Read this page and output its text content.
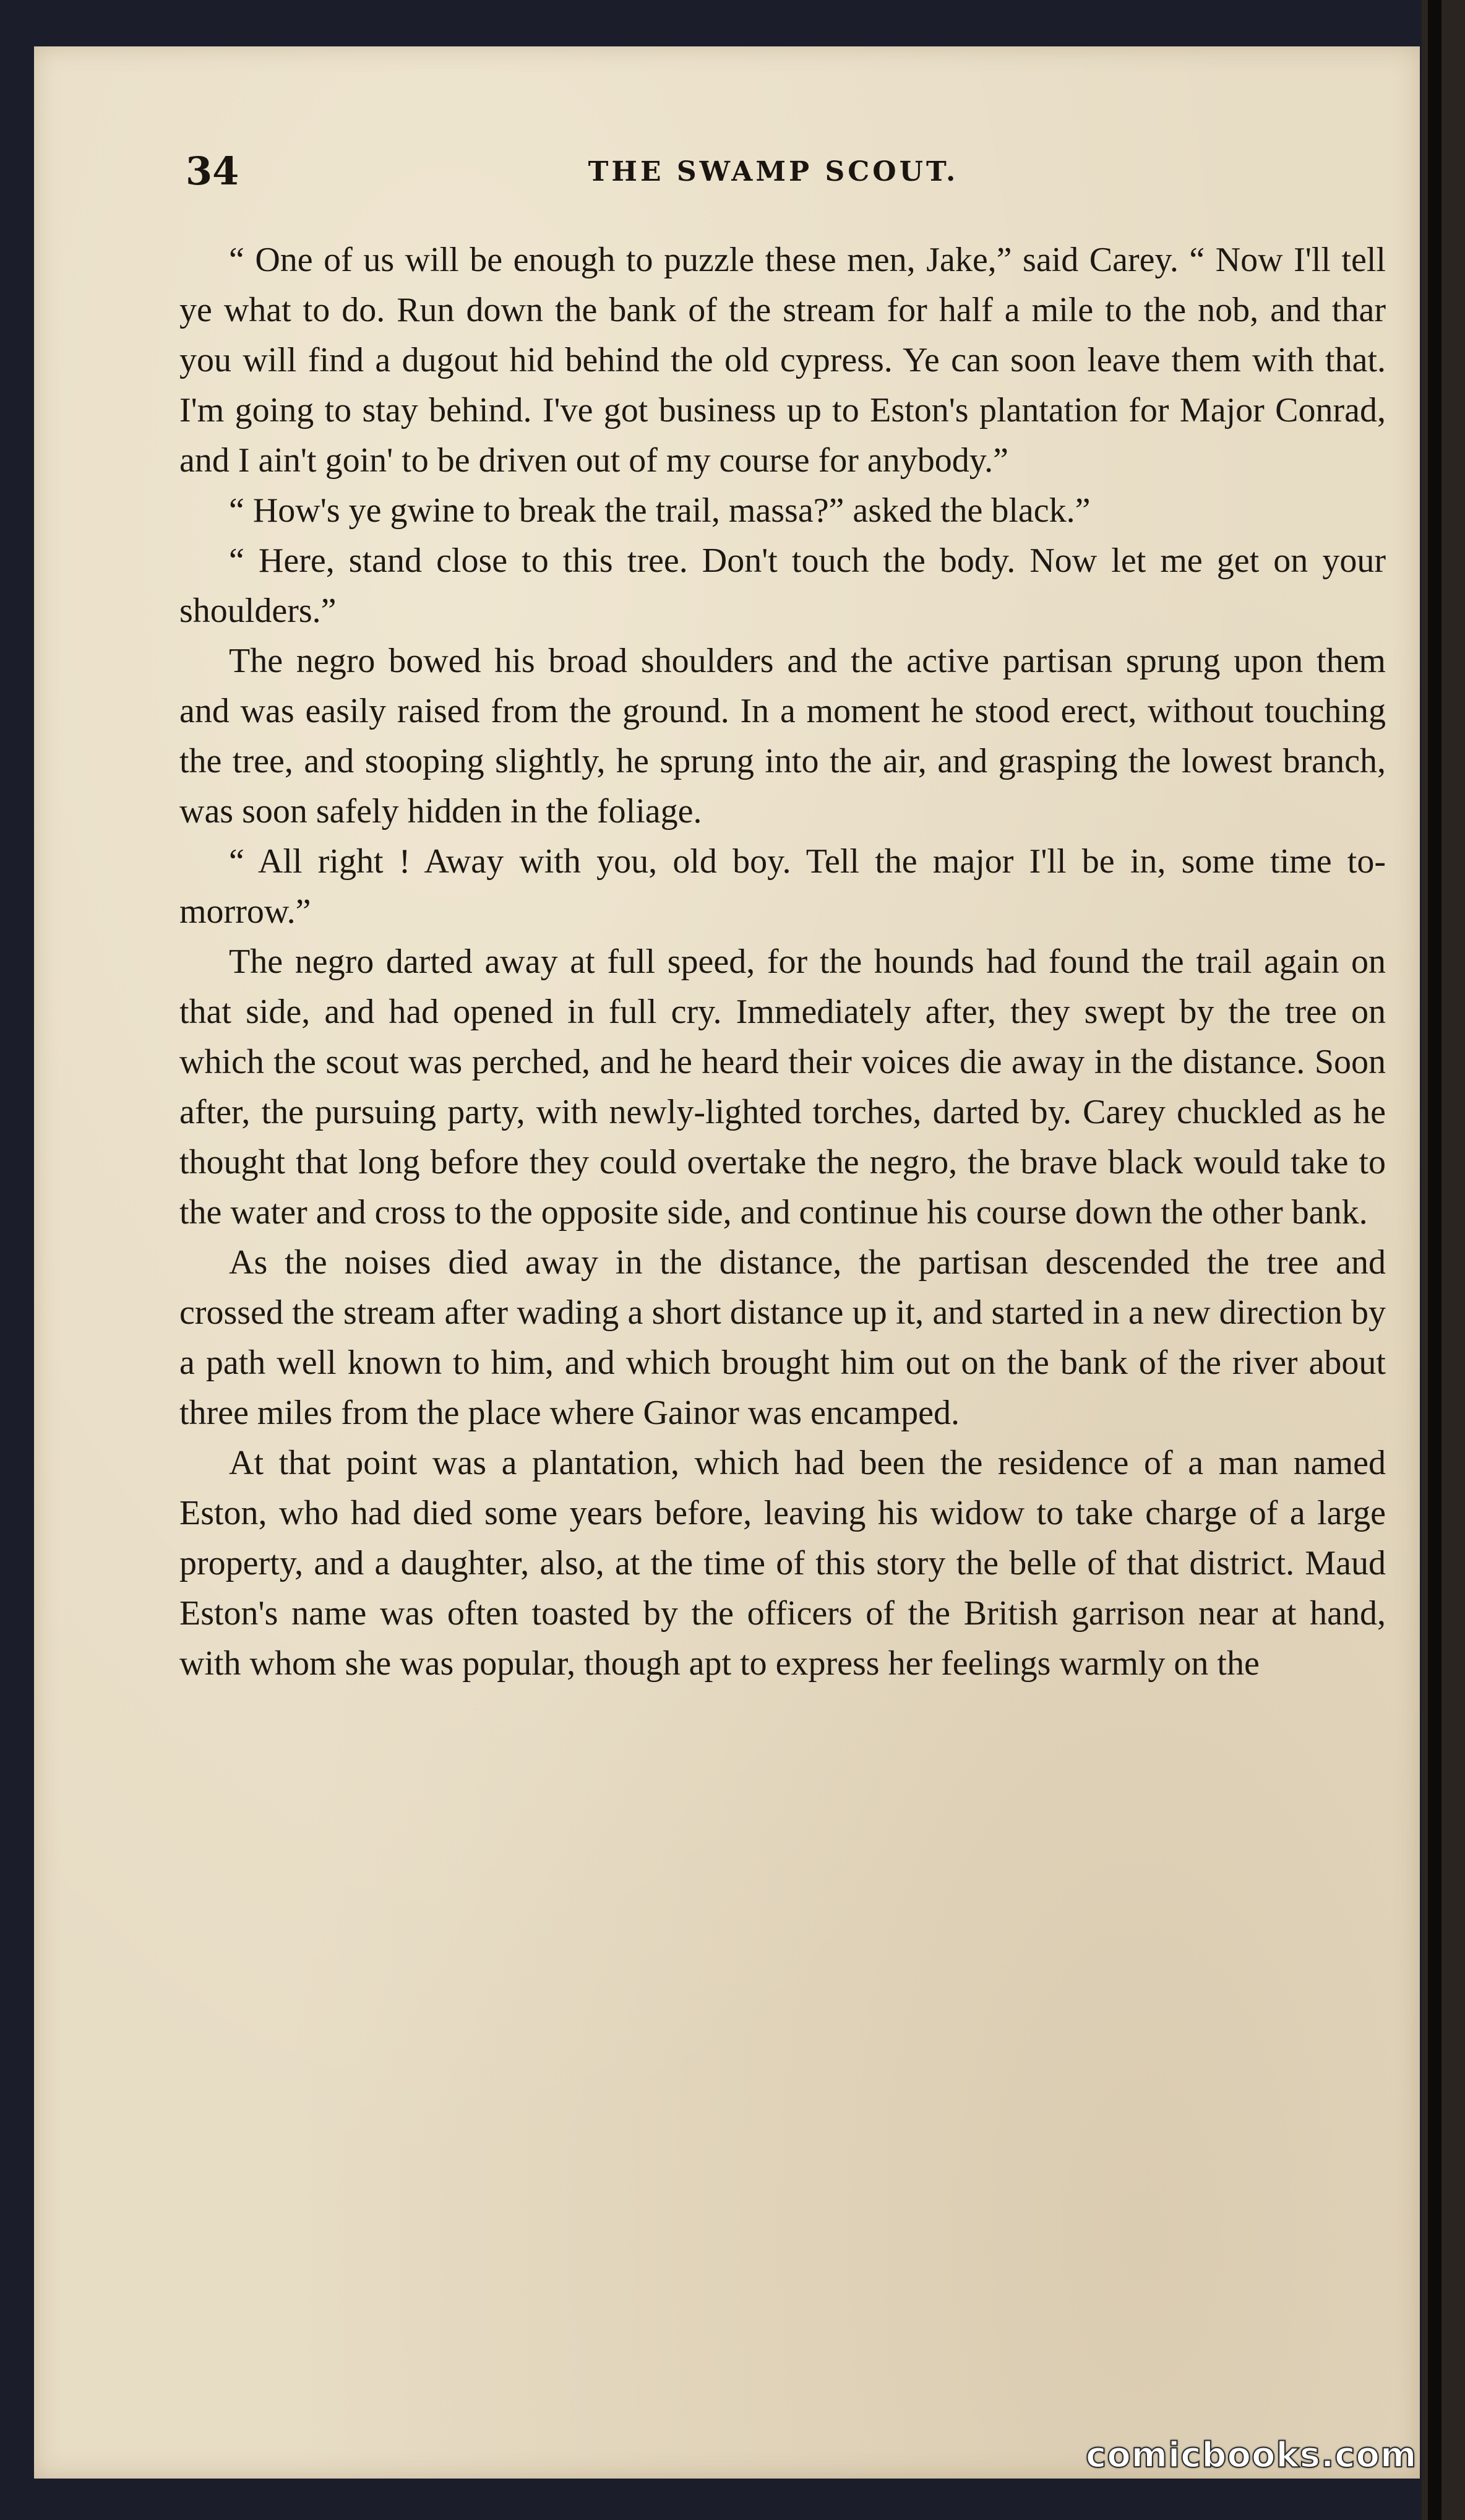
34	THE SWAMP SCOUT.

“ One of us will be enough to puzzle these men, Jake,” said Carey. “ Now I'll tell ye what to do. Run down the bank of the stream for half a mile to the nob, and thar you will find a dugout hid behind the old cypress. Ye can soon leave them with that. I'm going to stay behind. I've got business up to Eston's plantation for Major Conrad, and I ain't goin' to be driven out of my course for anybody.”

“ How's ye gwine to break the trail, massa?” asked the black.”

“ Here, stand close to this tree. Don't touch the body. Now let me get on your shoulders.”

The negro bowed his broad shoulders and the active partisan sprung upon them and was easily raised from the ground. In a moment he stood erect, without touching the tree, and stooping slightly, he sprung into the air, and grasping the lowest branch, was soon safely hidden in the foliage.

“ All right ! Away with you, old boy. Tell the major I'll be in, some time to-morrow.”

The negro darted away at full speed, for the hounds had found the trail again on that side, and had opened in full cry. Immediately after, they swept by the tree on which the scout was perched, and he heard their voices die away in the distance. Soon after, the pursuing party, with newly-lighted torches, darted by. Carey chuckled as he thought that long before they could overtake the negro, the brave black would take to the water and cross to the opposite side, and continue his course down the other bank.

As the noises died away in the distance, the partisan descended the tree and crossed the stream after wading a short distance up it, and started in a new direction by a path well known to him, and which brought him out on the bank of the river about three miles from the place where Gainor was encamped.

At that point was a plantation, which had been the residence of a man named Eston, who had died some years before, leaving his widow to take charge of a large property, and a daughter, also, at the time of this story the belle of that district. Maud Eston's name was often toasted by the officers of the British garrison near at hand, with whom she was popular, though apt to express her feelings warmly on the

comicbooks.com
